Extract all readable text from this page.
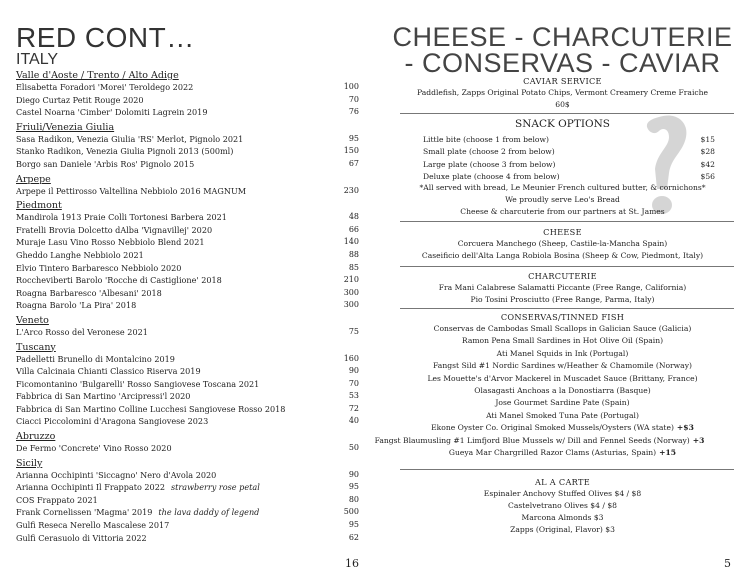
RED CONT…
ITALY
Valle d'Aoste / Trento / Alto Adige
Elisabetta Foradori 'Morei' Teroldego 2022	100
Diego Curtaz Petit Rouge 2020	70
Castel Noarna 'Cimber' Dolomiti Lagrein 2019	76
Friuli/Venezia Giulia
Sasa Radikon, Venezia Giulia 'RS' Merlot, Pignolo 2021	95
Stanko Radikon, Venezia Giulia Pignoli 2013 (500ml)	150
Borgo san Daniele 'Arbis Ros' Pignolo 2015	67
Arpepe
Arpepe il Pettirosso Valtellina Nebbiolo 2016 MAGNUM	230
Piedmont
Mandirola 1913 Praie Colli Tortonesi Barbera 2021	48
Fratelli Brovia Dolcetto dAlba 'Vignavillej' 2020	66
Muraje Lasu Vino Rosso Nebbiolo Blend 2021	140
Gheddo Langhe Nebbiolo 2021	88
Elvio Tintero Barbaresco Nebbiolo 2020	85
Roccheviberti Barolo 'Rocche di Castiglione' 2018	210
Roagna Barbaresco 'Albesani' 2018	300
Roagna Barolo 'La Pira' 2018	300
Veneto
L'Arco Rosso del Veronese 2021	75
Tuscany
Padelletti Brunello di Montalcino 2019	160
Villa Calcinaia Chianti Classico Riserva 2019	90
Ficomontanino 'Bulgarelli' Rosso Sangiovese Toscana 2021	70
Fabbrica di San Martino 'Arcipressi'l 2020	53
Fabbrica di San Martino Colline Lucchesi Sangiovese Rosso 2018	72
Ciacci Piccolomini d'Aragona Sangiovese 2023	40
Abruzzo
De Fermo 'Concrete' Vino Rosso 2020	50
Sicily
Arianna Occhipinti 'Siccagno' Nero d'Avola 2020	90
Arianna Occhipinti Il Frappato 2022 strawberry rose petal	95
COS Frappato 2021	80
Frank Cornelissen 'Magma' 2019 the lava daddy of legend	500
Gulfi Reseca Nerello Mascalese 2017	95
Gulfi Cerasuolo di Vittoria 2022	62
16
CHEESE - CHARCUTERIE
- CONSERVAS - CAVIAR
CAVIAR SERVICE
Paddlefish, Zapps Original Potato Chips, Vermont Creamery Creme Fraiche
60$
SNACK OPTIONS
Little bite (choose 1 from below)	$15
Small plate (choose 2 from below)	$28
Large plate (choose 3 from below)	$42
Deluxe plate (choose 4 from below)	$56
*All served with bread, Le Meunier French cultured butter, & cornichons*
We proudly serve Leo's Bread
Cheese & charcuterie from our partners at St. James
CHEESE
Corcuera Manchego (Sheep, Castile-la-Mancha Spain)
Caseificio dell'Alta Langa Robiola Bosina (Sheep & Cow, Piedmont, Italy)
CHARCUTERIE
Fra Mani Calabrese Salamatti Piccante (Free Range, California)
Pio Tosini Prosciutto (Free Range, Parma, Italy)
CONSERVAS/TINNED FISH
Conservas de Cambodas Small Scallops in Galician Sauce (Galicia)
Ramon Pena Small Sardines in Hot Olive Oil (Spain)
Ati Manel Squids in Ink (Portugal)
Fangst Sild #1 Nordic Sardines w/Heather & Chamomile (Norway)
Les Mouette's d'Arvor Mackerel in Muscadet Sauce (Brittany, France)
Olasagasti Anchoas a la Donostiarra (Basque)
Jose Gourmet Sardine Pate (Spain)
Ati Manel Smoked Tuna Pate (Portugal)
Ekone Oyster Co. Original Smoked Mussels/Oysters (WA state) +$3
Fangst Blaumusling #1 Limfjord Blue Mussels w/ Dill and Fennel Seeds (Norway) +3
Gueya Mar Chargrilled Razor Clams (Asturias, Spain) +15
AL A CARTE
Espinaler Anchovy Stuffed Olives $4 / $8
Castelvetrano Olives $4 / $8
Marcona Almonds $3
Zapps (Original, Flavor) $3
5
